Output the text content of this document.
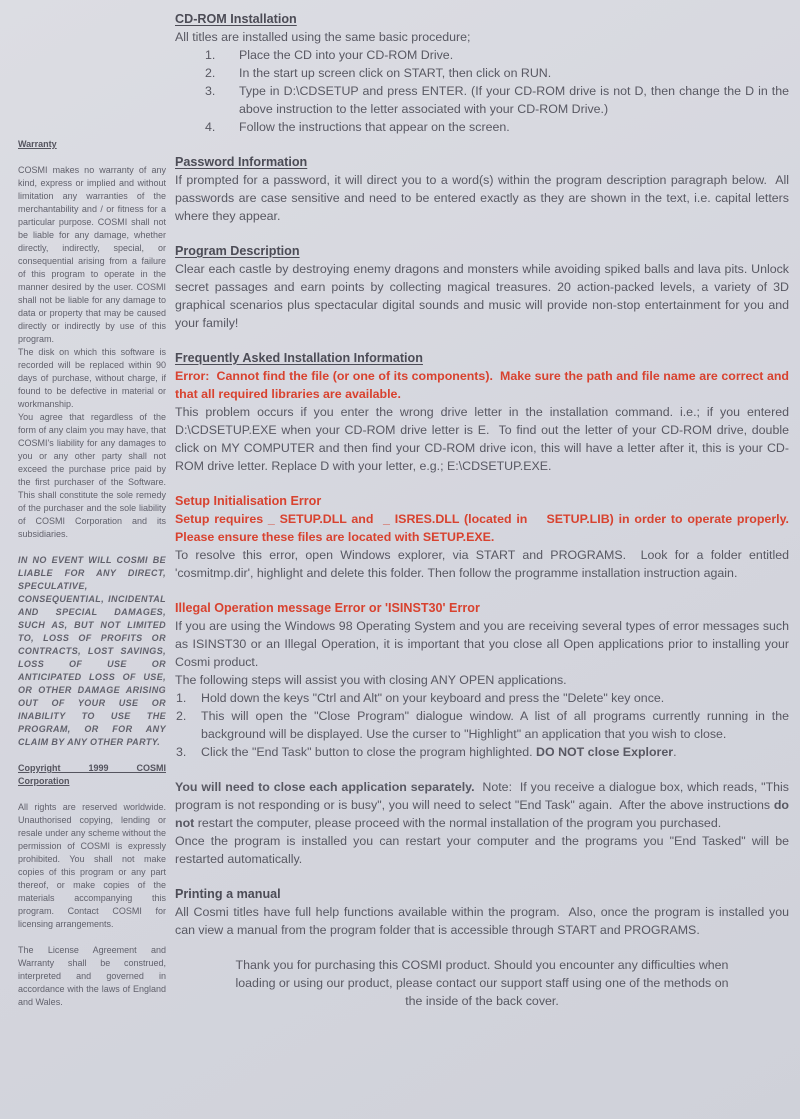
Warranty

COSMI makes no warranty of any kind, express or implied and without limitation any warranties of the merchantability and / or fitness for a particular purpose. COSMI shall not be liable for any damage, whether directly, indirectly, special, or consequential arising from a failure of this program to operate in the manner desired by the user. COSMI shall not be liable for any damage to data or property that may be caused directly or indirectly by use of this program.

The disk on which this software is recorded will be replaced within 90 days of purchase, without charge, if found to be defective in material or workmanship.

You agree that regardless of the form of any claim you may have, that COSMI's liability for any damages to you or any other party shall not exceed the purchase price paid by the first purchaser of the Software. This shall constitute the sole remedy of the purchaser and the sole liability of COSMI Corporation and its subsidiaries.

IN NO EVENT WILL COSMI BE LIABLE FOR ANY DIRECT, SPECULATIVE, CONSEQUENTIAL, INCIDENTAL AND SPECIAL DAMAGES, SUCH AS, BUT NOT LIMITED TO, LOSS OF PROFITS OR CONTRACTS, LOST SAVINGS, LOSS OF USE OR ANTICIPATED LOSS OF USE, OR OTHER DAMAGE ARISING OUT OF YOUR USE OR INABILITY TO USE THE PROGRAM, OR FOR ANY CLAIM BY ANY OTHER PARTY.

Copyright 1999 COSMI Corporation

All rights are reserved worldwide. Unauthorised copying, lending or resale under any scheme without the permission of COSMI is expressly prohibited. You shall not make copies of this program or any part thereof, or make copies of the materials accompanying this program. Contact COSMI for licensing arrangements.

The License Agreement and Warranty shall be construed, interpreted and governed in accordance with the laws of England and Wales.

CD-ROM Installation

All titles are installed using the same basic procedure;

1. Place the CD into your CD-ROM Drive.
2. In the start up screen click on START, then click on RUN.
3. Type in D:\CDSETUP and press ENTER. (If your CD-ROM drive is not D, then change the D in the above instruction to the letter associated with your CD-ROM Drive.)
4. Follow the instructions that appear on the screen.
Password Information

If prompted for a password, it will direct you to a word(s) within the program description paragraph below.  All passwords are case sensitive and need to be entered exactly as they are shown in the text, i.e. capital letters where they appear.

Program Description

Clear each castle by destroying enemy dragons and monsters while avoiding spiked balls and lava pits. Unlock secret passages and earn points by collecting magical treasures. 20 action-packed levels, a variety of 3D graphical scenarios plus spectacular digital sounds and music will provide non-stop entertainment for you and your family!

Frequently Asked Installation Information

Error:  Cannot find the file (or one of its components).  Make sure the path and file name are correct and that all required libraries are available.

This problem occurs if you enter the wrong drive letter in the installation command. i.e.; if you entered D:\CDSETUP.EXE when your CD-ROM drive letter is E.  To find out the letter of your CD-ROM drive, double click on MY COMPUTER and then find your CD-ROM drive icon, this will have a letter after it, this is your CD-ROM drive letter. Replace D with your letter, e.g.; E:\CDSETUP.EXE.

Setup Initialisation Error

Setup requires _ SETUP.DLL and  _ ISRES.DLL (located in    SETUP.LIB) in order to operate properly. Please ensure these files are located with SETUP.EXE.

To resolve this error, open Windows explorer, via START and PROGRAMS.  Look for a folder entitled 'cosmitmp.dir', highlight and delete this folder. Then follow the programme installation instruction again.

Illegal Operation message Error or 'ISINST30' Error

If you are using the Windows 98 Operating System and you are receiving several types of error messages such as ISINST30 or an Illegal Operation, it is important that you close all Open applications prior to installing your Cosmi product.

The following steps will assist you with closing ANY OPEN applications.

1. Hold down the keys "Ctrl and Alt" on your keyboard and press the "Delete" key once.
2. This will open the "Close Program" dialogue window. A list of all programs currently running in the background will be displayed. Use the curser to "Highlight" an application that you wish to close.
3. Click the "End Task" button to close the program highlighted. DO NOT close Explorer.

You will need to close each application separately.  Note:  If you receive a dialogue box, which reads, "This program is not responding or is busy", you will need to select "End Task" again.  After the above instructions do not restart the computer, please proceed with the normal installation of the program you purchased.

Once the program is installed you can restart your computer and the programs you "End Tasked" will be restarted automatically.

Printing a manual

All Cosmi titles have full help functions available within the program.  Also, once the program is installed you can view a manual from the program folder that is accessible through START and PROGRAMS.

Thank you for purchasing this COSMI product. Should you encounter any difficulties when loading or using our product, please contact our support staff using one of the methods on the inside of the back cover.
